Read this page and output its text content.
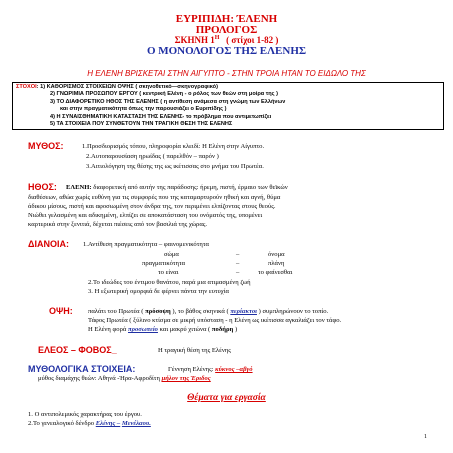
ΕΥΡΙΠΙΔΗ: ΈΛΕΝΗ
ΠΡΟΛΟΓΟΣ
ΣΚΗΝΗ $1^H$ ( στίχοι 1-82 )
Ο ΜΟΝΟΛΟΓΟΣ ΤΗΣ ΕΛΕΝΗΣ
Η ΕΛΕΝΗ ΒΡΙΣΚΕΤΑΙ ΣΤΗΝ ΑΙΓΥΠΤΟ - ΣΤΗΝ ΤΡΟΙΑ ΗΤΑΝ ΤΟ ΕΙΔΩΛΟ ΤΗΣ
ΣΤΟΧΟΙ: 1) ΚΑΘΟΡΙΣΜΟΣ ΣΤΟΙΧΕΙΩΝ ΟΨΗΣ ( σκηνοθετικό—σκηνογραφικό)
2) ΓΝΩΡΙΜΙΑ ΠΡΟΣΩΠΟΥ ΕΡΓΟΥ ( κεντρική Ελένη - ο ρόλος των θεών στη μοίρα της )
3) ΤΟ ΔΙΑΦΟΡΕΤΙΚΟ ΗΘΟΣ ΤΗΣ ΕΛΕΝΗΣ ( η αντίθεση ανάμεσα στη γνώμη των Ελλήνων
και στην πραγματικότητα όπως την παρουσιάζει ο Ευριπίδης )
4) Η ΣΥΝΑΙΣΘΗΜΑΤΙΚΗ ΚΑΤΑΣΤΑΣΗ ΤΗΣ ΕΛΕΝΗΣ- το πρόβλημα που αντιμετωπίζει
5) ΤΑ ΣΤΟΙΧΕΙΑ ΠΟΥ ΣΥΝΘΕΤΟΥΝ ΤΗΝ ΤΡΑΓΙΚΗ ΘΕΣΗ ΤΗΣ ΕΛΕΝΗΣ
ΜΥΘΟΣ:	1.Προσδιορισμός τόπου, πληροφορία κλειδί: Η Ελένη στην Αίγυπτο.
2.Αυτοπαρουσίαση ηρωίδας ( παρελθόν – παρόν )
3.Αιτιολόγηση της θέσης της ως ικέτισσας στο μνήμα του Πρωτέα.
ΗΘΟΣ: ΕΛΕΝΗ: διαφορετική από αυτήν της παράδοσης: ήρεμη, πιστή, έρμαιο των θεϊκών
διαθέσεων, αθώα χωρίς ευθύνη για τις συμφορές που της καταμαρτυρούν ηθική και αγνή, θύμα
άδικου μίσους, πιστή και αφοσιωμένη στον άνδρα της, τον περιμένει ελπίζοντας στους θεούς.
Νιώθει γελασμένη και αδικημένη, ελπίζει σε αποκατάσταση του ονόματός της, υπομένει
καρτερικά στην ξενιτιά, δέχεται πιέσεις από τον βασιλιά της χώρας.
ΔΙΑΝΟΙΑ: 1.Αντίθεση πραγματικότητα – φαινομενικότητα
σώμα	–	όνομα
πραγματικότητα	–	πλάνη
το είναι	–	το φαίνεσθαι
2.Το ιδεώδες του έντιμου θανάτου, παρά μια ατιμασμένη ζωή
3. Η εξωτερική ομορφιά δε φέρνει πάντα την ευτυχία
ΟΨΗ: παλάτι του Πρωτέα ( πρόσοψη ), το βάθος σκηνικά ( περίακτοι ) συμπληρώνουν το τοπίο.
Τάφος Πρωτέα ( ξύλινο κτίσμα σε μικρή υπόσταση - η Ελένη ως ικέτισσα αγκαλιάζει τον τάφο.
Η Ελένη φορά προσωπείο και μακρύ χιτώνα ( ποδήρη )
ΕΛΕΟΣ – ΦΟΒΟΣ_	Η τραγική θέση της Ελένης
ΜΥΘΟΛΟΓΙΚΑ ΣΤΟΙΧΕΙΑ:	Γέννηση Ελένης: κύκνος –αβγό
μύθος διαμάχης θεών: Αθηνά -Ήρα-Αφροδίτη μήλον της Έριδος
Θέματα για εργασία
1. Ο αντιπολεμικός χαρακτήρας του έργου.
2.Το γενεαλογικό δένδρο Ελένης – Μενέλαου.
1
